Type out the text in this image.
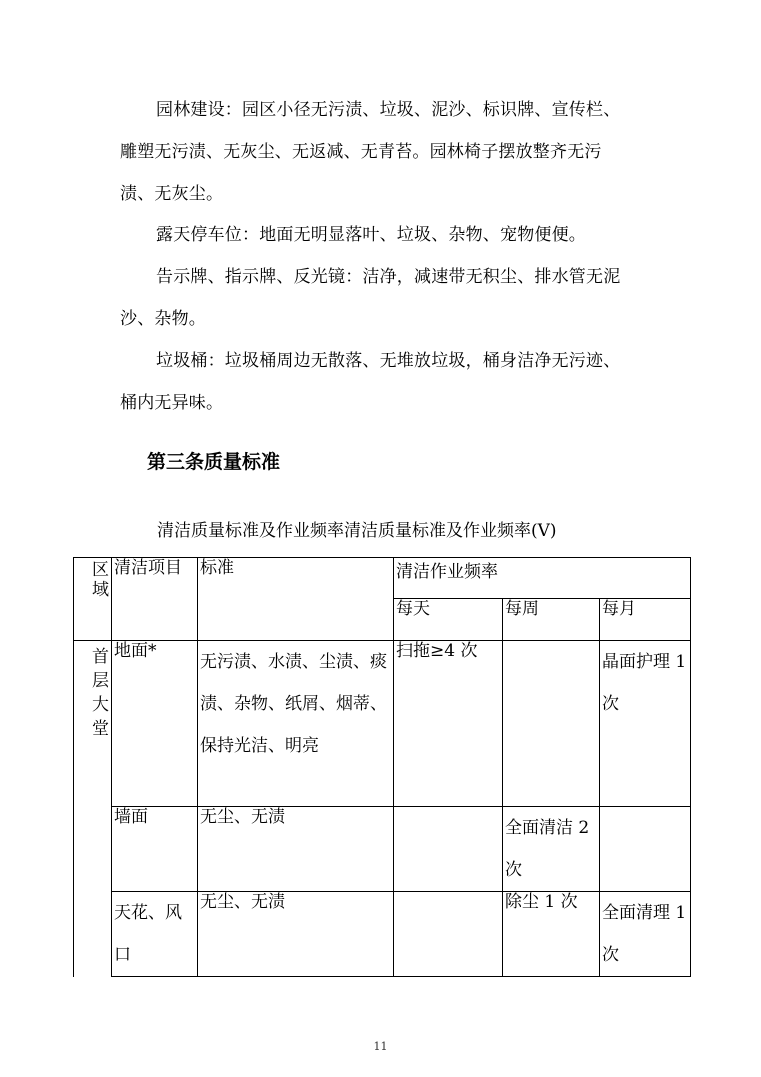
园林建设：园区小径无污渍、垃圾、泥沙、标识牌、宣传栏、雕塑无污渍、无灰尘、无返减、无青苔。园林椅子摆放整齐无污渍、无灰尘。

露天停车位：地面无明显落叶、垃圾、杂物、宠物便便。

告示牌、指示牌、反光镜：洁净，减速带无积尘、排水管无泥沙、杂物。

垃圾桶：垃圾桶周边无散落、无堆放垃圾，桶身洁净无污迹、桶内无异味。

第三条质量标准

清洁质量标准及作业频率清洁质量标准及作业频率(V)

区域	清洁项目	标准	清洁作业频率		
			每天	每周	每月
首层大堂	地面*	无污渍、水渍、尘渍、痰渍、杂物、纸屑、烟蒂、保持光洁、明亮	扫拖≥4 次		晶面护理 1 次
	墙面	无尘、无渍		全面清洁 2 次	
	天花、风口	无尘、无渍		除尘 1 次	全面清理 1 次
11
